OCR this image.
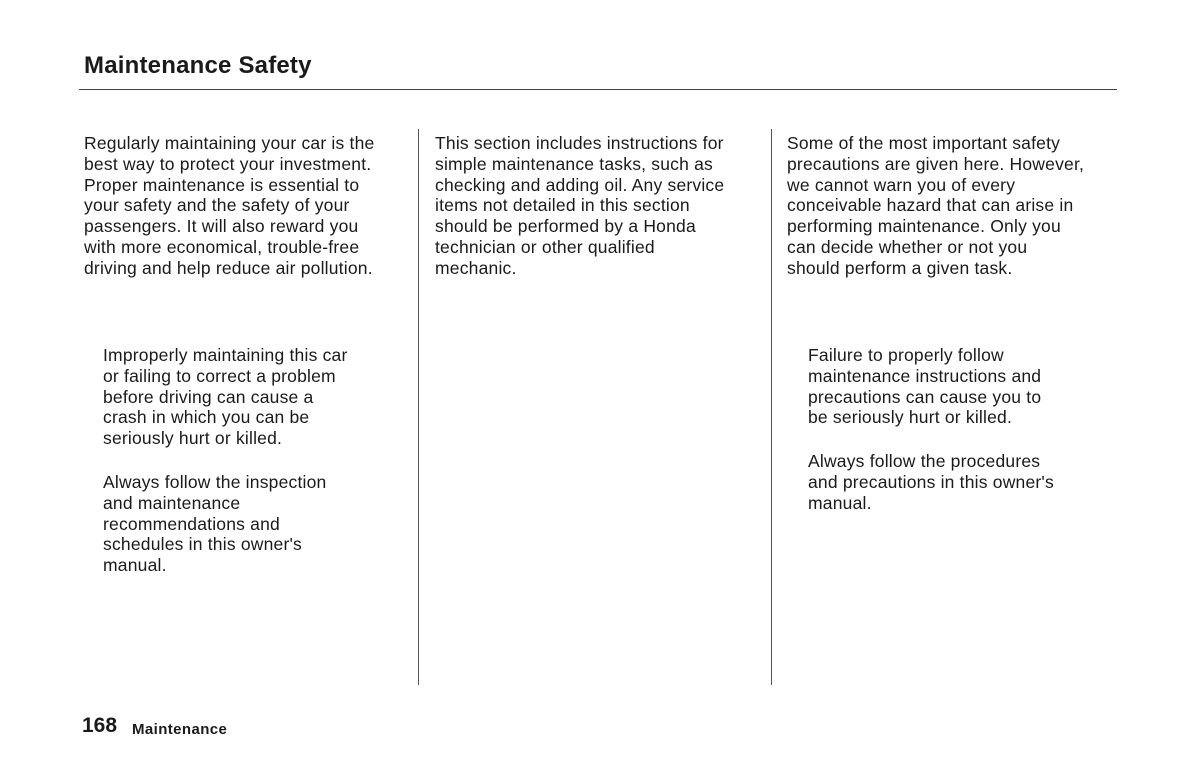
Maintenance Safety

Regularly maintaining your car is the
best way to protect your investment.
Proper maintenance is essential to
your safety and the safety of your
passengers. It will also reward you
with more economical, trouble-free
driving and help reduce air pollution.

Improperly maintaining this car
or failing to correct a problem
before driving can cause a
crash in which you can be
seriously hurt or killed.

Always follow the inspection
and maintenance
recommendations and
schedules in this owner's
manual.

This section includes instructions for
simple maintenance tasks, such as
checking and adding oil. Any service
items not detailed in this section
should be performed by a Honda
technician or other qualified
mechanic.

Some of the most important safety
precautions are given here. However,
we cannot warn you of every
conceivable hazard that can arise in
performing maintenance. Only you
can decide whether or not you
should perform a given task.

Failure to properly follow
maintenance instructions and
precautions can cause you to
be seriously hurt or killed.

Always follow the procedures
and precautions in this owner's
manual.

168 Maintenance
